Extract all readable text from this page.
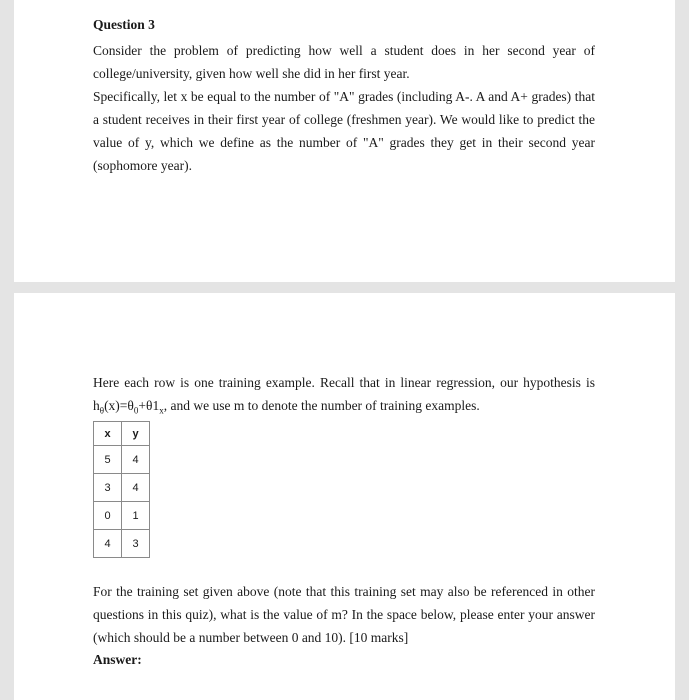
Question 3

Consider the problem of predicting how well a student does in her second year of
college/university, given how well she did in her first year.

Specifically, let x be equal to the number of "A" grades (including A-. A and A+ grades) that
a student receives in their first year of college (freshmen year). We would like to predict the
value of y, which we define as the number of "A" grades they get in their second year
(sophomore year).

Here each row is one training example. Recall that in linear regression, our hypothesis is
$h_\theta(x)=\theta_0+\theta 1_x$, and we use m to denote the number of training examples.

x	y
5	4
3	4
0	1
4	3

For the training set given above (note that this training set may also be referenced in other
questions in this quiz), what is the value of m? In the space below, please enter your answer
(which should be a number between 0 and 10). [10 marks]

Answer:
